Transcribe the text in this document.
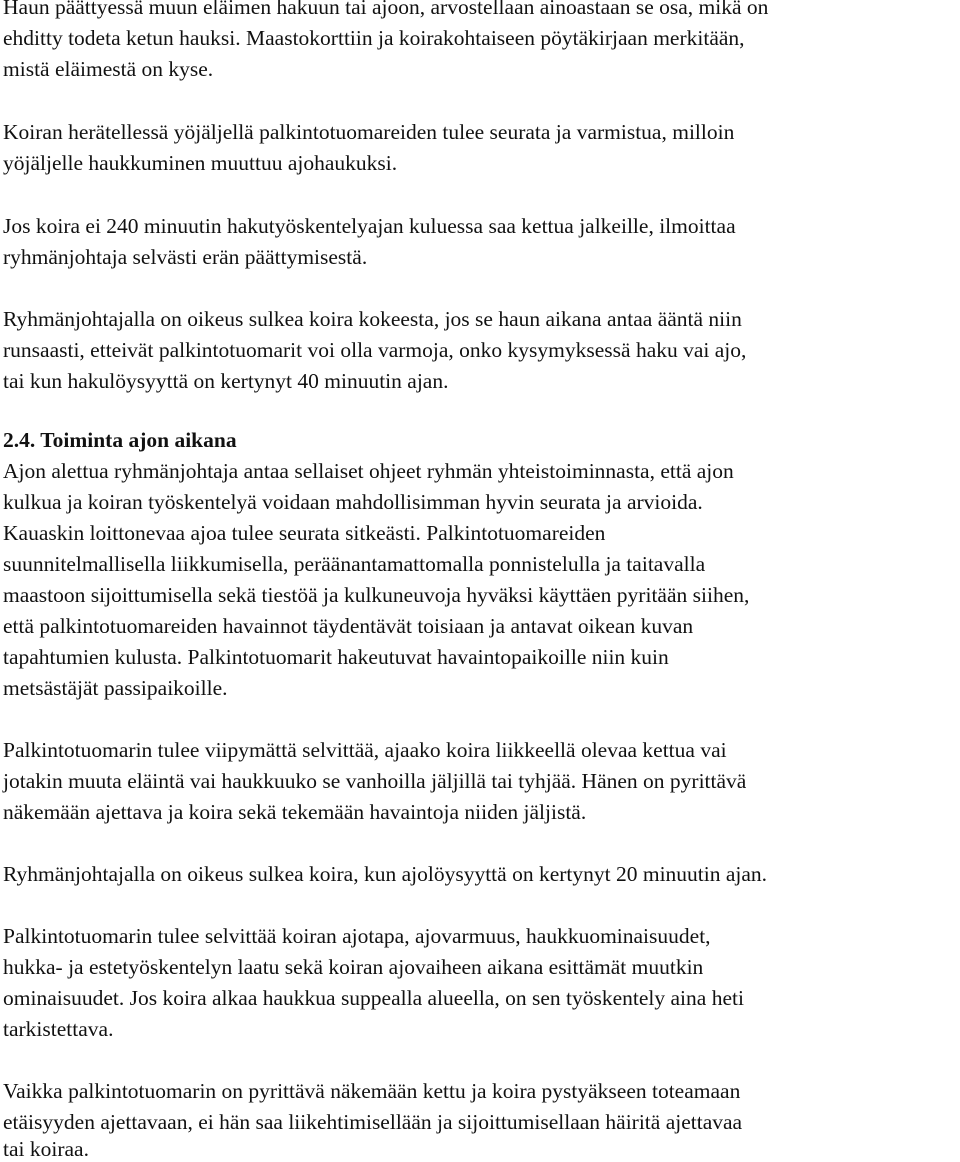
Haun päättyessä muun eläimen hakuun tai ajoon, arvostellaan ainoastaan se osa, mikä on

ehditty todeta ketun hauksi. Maastokorttiin ja koirakohtaiseen pöytäkirjaan merkitään,

mistä eläimestä on kyse.

Koiran herätellessä yöjäljellä palkintotuomareiden tulee seurata ja varmistua, milloin

yöjäljelle haukkuminen muuttuu ajohaukuksi.

Jos koira ei 240 minuutin hakutyöskentelyajan kuluessa saa kettua jalkeille, ilmoittaa

ryhmänjohtaja selvästi erän päättymisestä.

Ryhmänjohtajalla on oikeus sulkea koira kokeesta, jos se haun aikana antaa ääntä niin

runsaasti, etteivät palkintotuomarit voi olla varmoja, onko kysymyksessä haku vai ajo,

tai kun hakulöysyyttä on kertynyt 40 minuutin ajan.

2.4. Toiminta ajon aikana

Ajon alettua ryhmänjohtaja antaa sellaiset ohjeet ryhmän yhteistoiminnasta, että ajon

kulkua ja koiran työskentelyä voidaan mahdollisimman hyvin seurata ja arvioida.

Kauaskin loittonevaa ajoa tulee seurata sitkeästi. Palkintotuomareiden

suunnitelmallisella liikkumisella, peräänantamattomalla ponnistelulla ja taitavalla

maastoon sijoittumisella sekä tiestöä ja kulkuneuvoja hyväksi käyttäen pyritään siihen,

että palkintotuomareiden havainnot täydentävät toisiaan ja antavat oikean kuvan

tapahtumien kulusta. Palkintotuomarit hakeutuvat havaintopaikoille niin kuin

metsästäjät passipaikoille.

Palkintotuomarin tulee viipymättä selvittää, ajaako koira liikkeellä olevaa kettua vai

jotakin muuta eläintä vai haukkuuko se vanhoilla jäljillä tai tyhjää. Hänen on pyrittävä

näkemään ajettava ja koira sekä tekemään havaintoja niiden jäljistä.

Ryhmänjohtajalla on oikeus sulkea koira, kun ajolöysyyttä on kertynyt 20 minuutin ajan.

Palkintotuomarin tulee selvittää koiran ajotapa, ajovarmuus, haukkuominaisuudet,

hukka- ja estetyöskentelyn laatu sekä koiran ajovaiheen aikana esittämät muutkin

ominaisuudet. Jos koira alkaa haukkua suppealla alueella, on sen työskentely aina heti

tarkistettava.

Vaikka palkintotuomarin on pyrittävä näkemään kettu ja koira pystyäkseen toteamaan

etäisyyden ajettavaan, ei hän saa liikehtimisellään ja sijoittumisellaan häiritä ajettavaa

tai koiraa.
